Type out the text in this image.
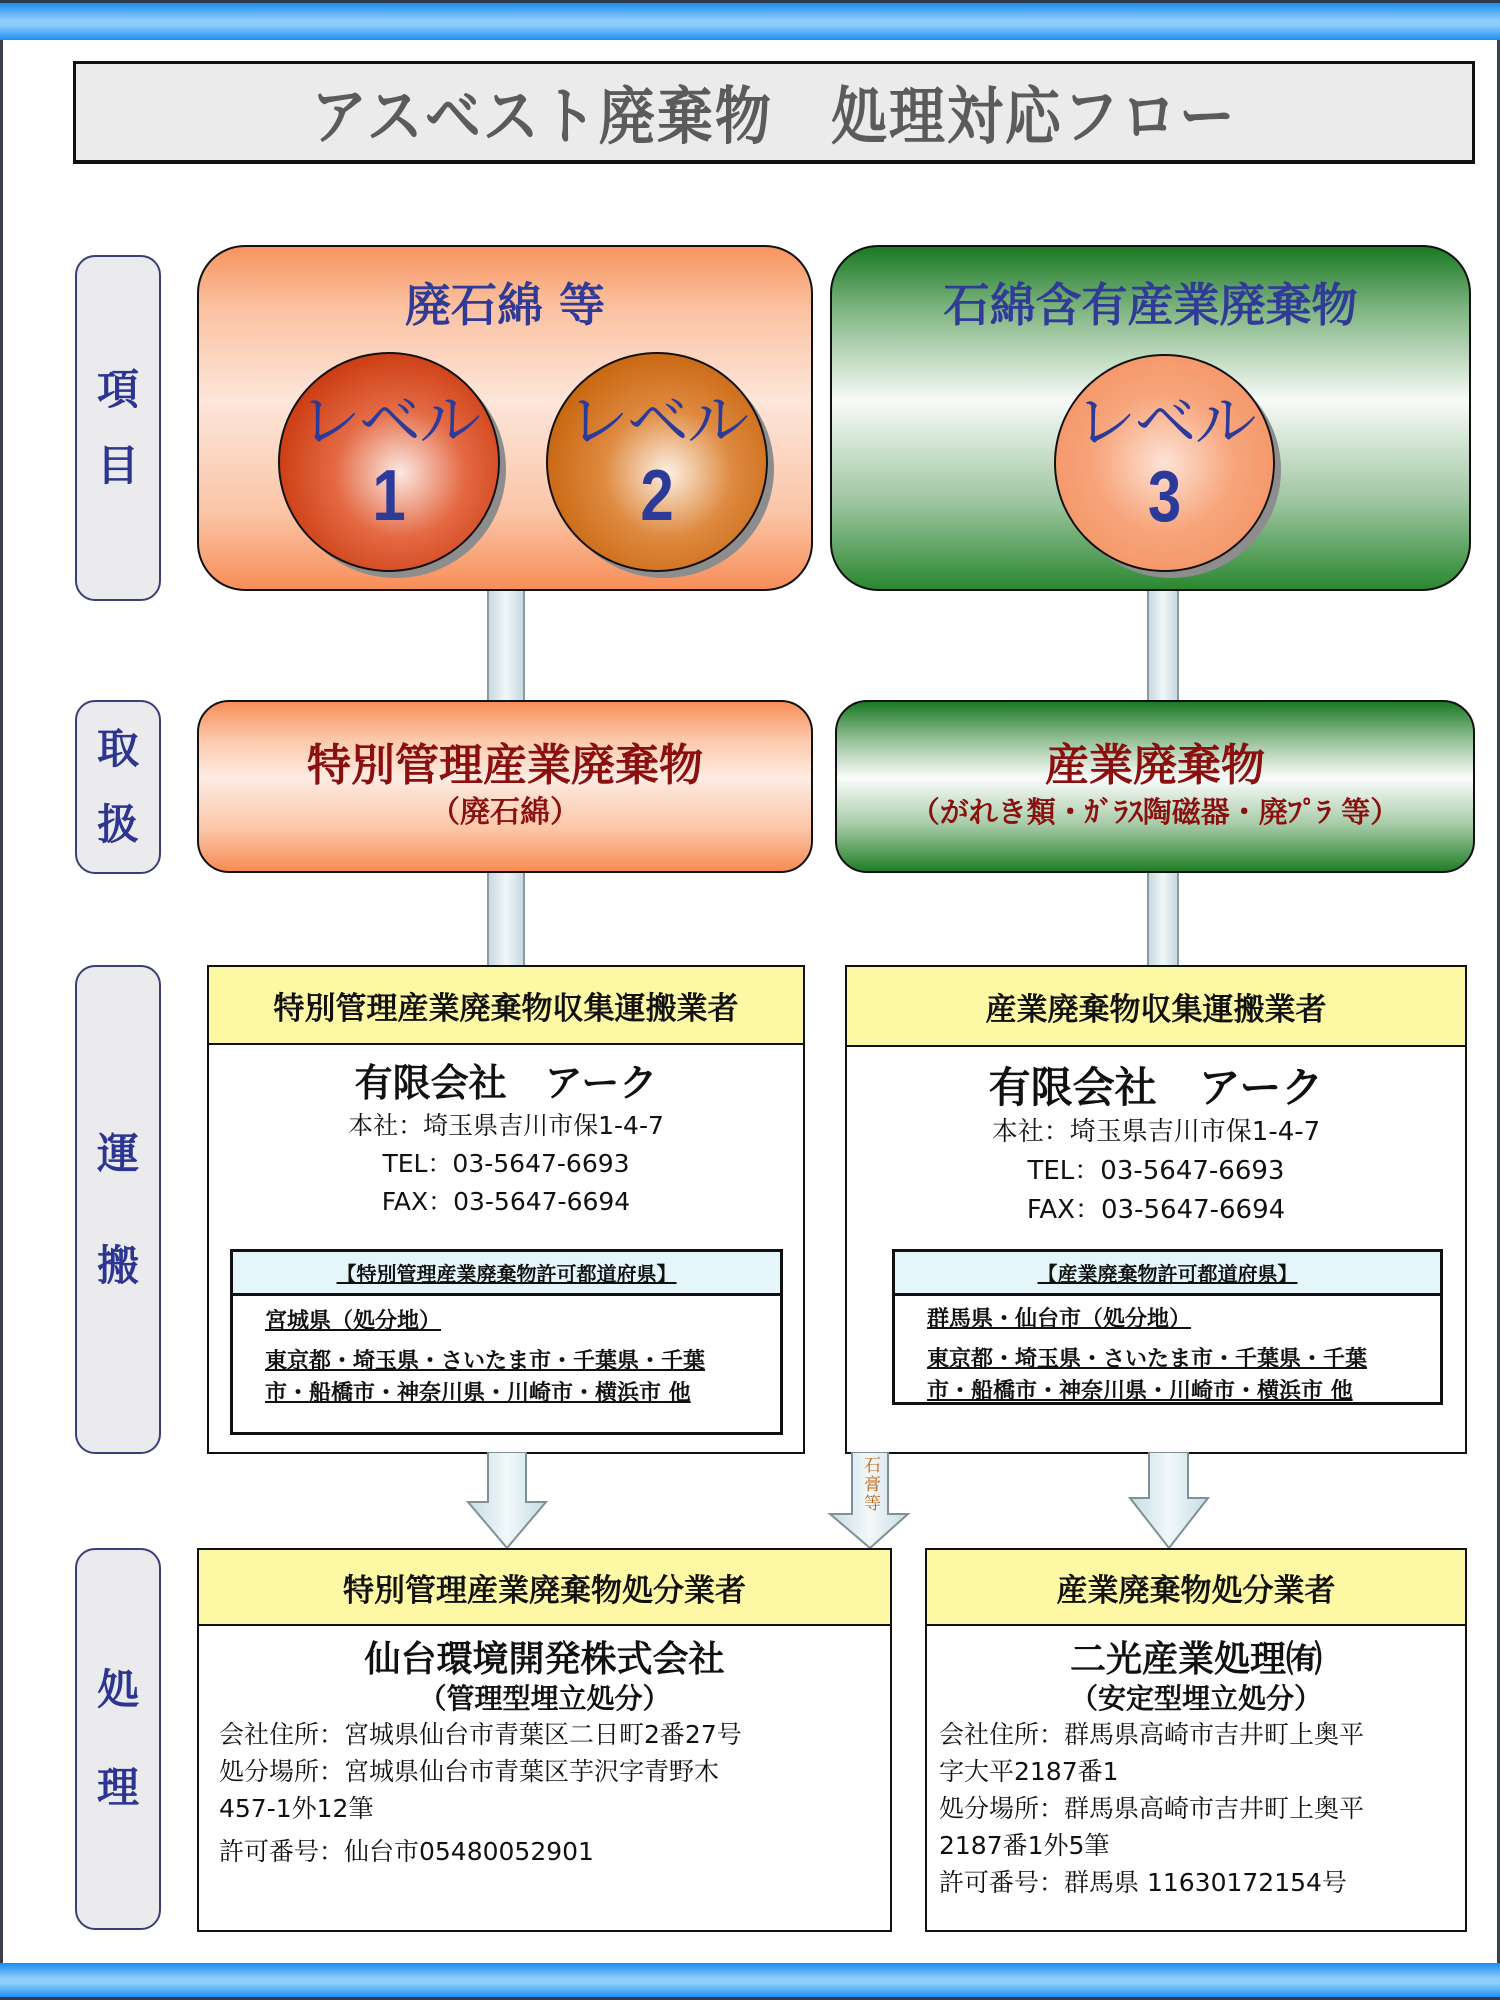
アスベスト廃棄物　処理対応フロー
項
目
取
扱
運
搬
処
理
廃石綿 等
レベル
1
レベル
2
石綿含有産業廃棄物
レベル
3
特別管理産業廃棄物
（廃石綿）
産業廃棄物
（がれき類・ｶﾞﾗｽ陶磁器・廃ﾌﾟﾗ 等）
特別管理産業廃棄物収集運搬業者
有限会社　アーク
本社：埼玉県吉川市保1-4-7
TEL：03-5647-6693
FAX：03-5647-6694
【特別管理産業廃棄物許可都道府県】
宮城県（処分地）
東京都・埼玉県・さいたま市・千葉県・千葉
市・船橋市・神奈川県・川崎市・横浜市 他
産業廃棄物収集運搬業者
有限会社　アーク
本社：埼玉県吉川市保1-4-7
TEL：03-5647-6693
FAX：03-5647-6694
【産業廃棄物許可都道府県】
群馬県・仙台市（処分地）
東京都・埼玉県・さいたま市・千葉県・千葉
市・船橋市・神奈川県・川崎市・横浜市 他
石膏等
特別管理産業廃棄物処分業者
仙台環境開発株式会社
（管理型埋立処分）
会社住所：宮城県仙台市青葉区二日町2番27号
処分場所：宮城県仙台市青葉区芋沢字青野木
457-1外12筆
許可番号：仙台市05480052901
産業廃棄物処分業者
二光産業処理㈲
（安定型埋立処分）
会社住所：群馬県高崎市吉井町上奥平
字大平2187番1
処分場所：群馬県高崎市吉井町上奥平
2187番1外5筆
許可番号：群馬県 11630172154号
